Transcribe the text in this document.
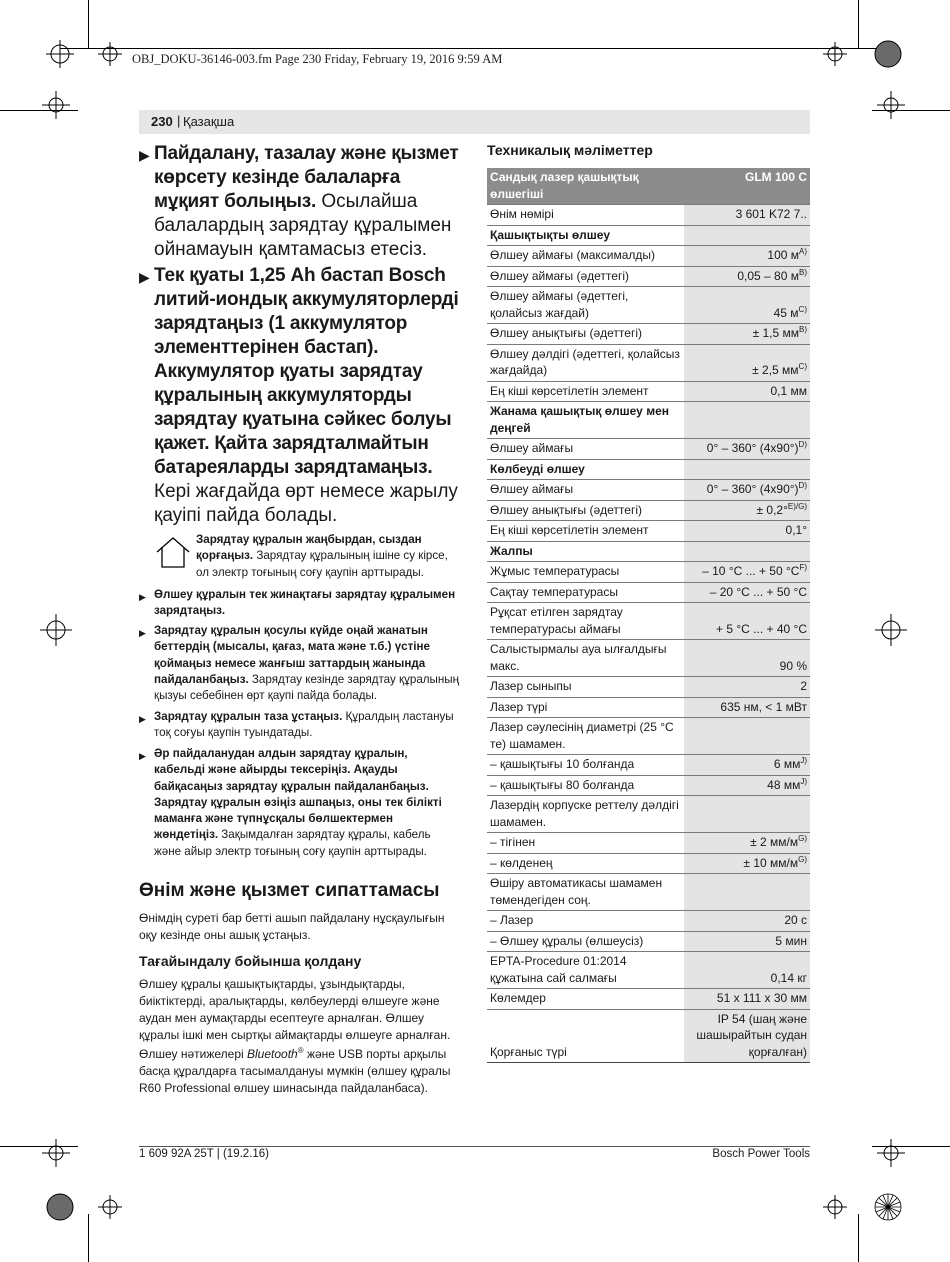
OBJ_DOKU-36146-003.fm Page 230 Friday, February 19, 2016 9:59 AM
230 | Қазақша
▶ Пайдалану, тазалау және қызмет көрсету кезінде балаларға мұқият болыңыз. Осылайша балалардың зарядтау құралымен ойнамауын қамтамасыз етесіз.
▶ Тек қуаты 1,25 Ah бастап Bosch литий-иондық аккумуляторлерді зарядтаңыз (1 аккумулятор элементтерінен бастап). Аккумулятор қуаты зарядтау құралының аккумуляторды зарядтау қуатына сәйкес болуы қажет. Қайта зарядталмайтын батареяларды зарядтамаңыз. Кері жағдайда өрт немесе жарылу қауіпі пайда болады.
Зарядтау құралын жаңбырдан, сыздан қорғаңыз. Зарядтау құралының ішіне су кірсе, ол электр тоғының соғу қаупін арттырады.
▶ Өлшеу құралын тек жинақтағы зарядтау құралымен зарядтаңыз.
▶ Зарядтау құралын қосулы күйде оңай жанатын беттердің (мысалы, қағаз, мата және т.б.) үстіне қоймаңыз немесе жанғыш заттардың жанында пайдаланбаңыз. Зарядтау кезінде зарядтау құралының қызуы себебінен өрт қаупі пайда болады.
▶ Зарядтау құралын таза ұстаңыз. Құралдың ластануы тоқ соғуы қаупін туындатады.
▶ Әр пайдаланудан алдын зарядтау құралын, кабельді және айырды тексеріңіз. Ақауды байқасаңыз зарядтау құралын пайдаланбаңыз. Зарядтау құралын өзіңіз ашпаңыз, оны тек білікті маманға және түпнұсқалы бөлшектермен жөндетіңіз. Зақымдалған зарядтау құралы, кабель және айыр электр тоғының соғу қаупін арттырады.
Өнім және қызмет сипаттамасы
Өнімдің суреті бар бетті ашып пайдалану нұсқаулығын оқу кезінде оны ашық ұстаңыз.
Тағайындалу бойынша қолдану
Өлшеу құралы қашықтықтарды, ұзындықтарды, биіктіктерді, аралықтарды, көлбеулерді өлшеуге және аудан мен аумақтарды есептеуге арналған. Өлшеу құралы ішкі мен сыртқы аймақтарды өлшеуге арналған.
Өлшеу нәтижелері Bluetooth® және USB порты арқылы басқа құралдарға тасымалдануы мүмкін (өлшеу құралы R60 Professional өлшеу шинасында пайдаланбаса).
Техникалық мәліметтер
Сандық лазер қашықтық өлшегіші	GLM 100 C
Өнім нөмірі	3 601 K72 7..
Қашықтықты өлшеу	
Өлшеу аймағы (максималды)	100 $м^{A)}$
Өлшеу аймағы (әдеттегі)	0,05 – 80 $м^{B)}$
Өлшеу аймағы (әдеттегі, қолайсыз жағдай)	45 $м^{C)}$
Өлшеу анықтығы (әдеттегі)	± 1,5 $мм^{B)}$
Өлшеу дәлдігі (әдеттегі, қолайсыз жағдайда)	± 2,5 $мм^{C)}$
Ең кіші көрсетілетін элемент	0,1 мм
Жанама қашықтық өлшеу мен деңгей	
Өлшеу аймағы	0° – 360° $(4x90^\circ)^{D)}$
Көлбеуді өлшеу	
Өлшеу аймағы	0° – 360° $(4x90^\circ)^{D)}$
Өлшеу анықтығы (әдеттегі)	± 0,2°$^{E)/G)}$
Ең кіші көрсетілетін элемент	0,1°
Жалпы	
Жұмыс температурасы	– 10 °C ... + 50 $^\circ C^{F)}$
Сақтау температурасы	– 20 °C ... + 50 °C
Рұқсат етілген зарядтау температурасы аймағы	+ 5 °C ... + 40 °C
Салыстырмалы ауа ылғалдығы макс.	90 %
Лазер сыныпы	2
Лазер түрі	635 нм, < 1 мВт
Лазер сәулесінің диаметрі (25 °C те) шамамен.	
– қашықтығы 10 болғанда	6 $мм^{J)}$
– қашықтығы 80 болғанда	48 $мм^{J)}$
Лазердің корпуске реттелу дәлдігі шамамен.	
– тігінен	± 2 $мм/м^{G)}$
– көлденең	± 10 $мм/м^{G)}$
Өшіру автоматикасы шамамен төмендегіден соң.	
– Лазер	20 с
– Өлшеу құралы (өлшеусіз)	5 мин
EPTA-Procedure 01:2014 құжатына сай салмағы	0,14 кг
Көлемдер	51 x 111 x 30 мм
Қорғаныс түрі	IP 54 (шаң және шашырайтын судан қорғалған)
1 609 92A 25T | (19.2.16)	Bosch Power Tools
